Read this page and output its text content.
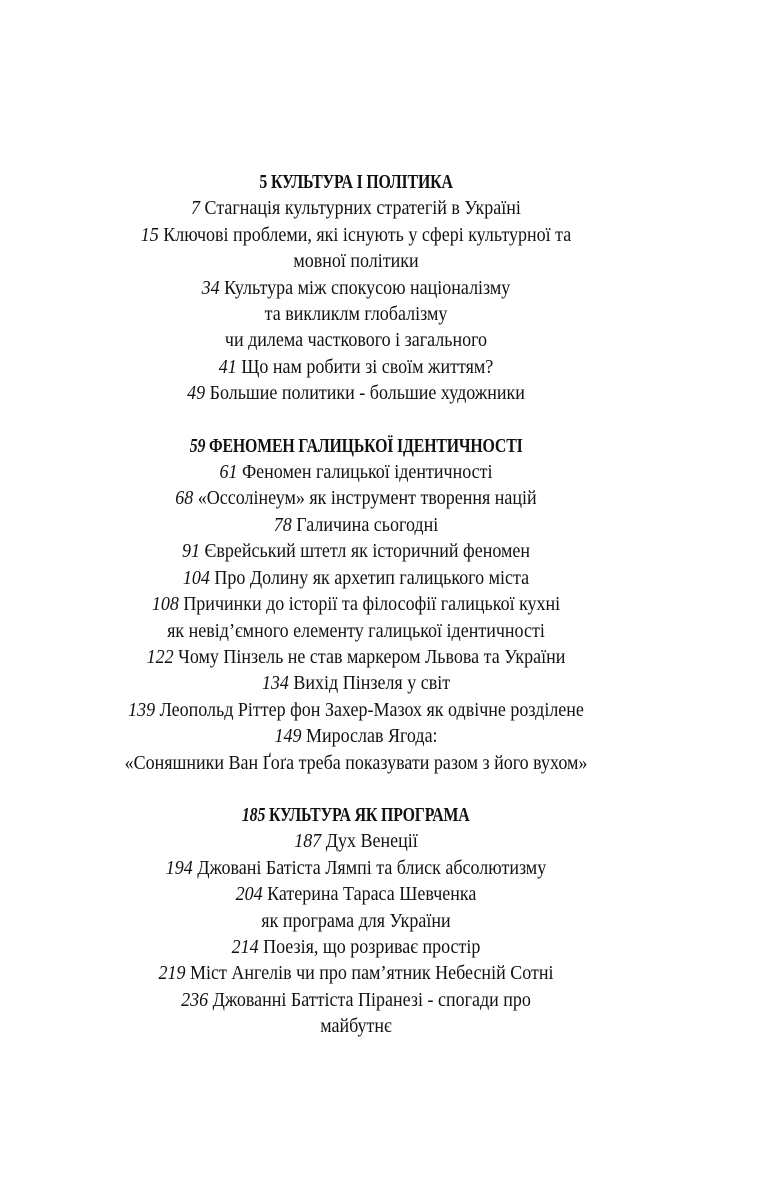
5 КУЛЬТУРА І ПОЛІТИКА
7 Стагнація культурних стратегій в Україні
15 Ключові проблеми, які існують у сфері культурної та
мовної політики
34 Культура між спокусою націоналізму
та викликлм глобалізму
чи дилема часткового і загального
41 Що нам робити зі своїм життям?
49 Большие политики - большие художники
59 ФЕНОМЕН ГАЛИЦЬКОЇ ІДЕНТИЧНОСТІ
61 Феномен галицької ідентичності
68 «Оссолінеум» як інструмент творення націй
78 Галичина сьогодні
91 Єврейський штетл як історичний феномен
104 Про Долину як архетип галицького міста
108 Причинки до історії та філософії галицької кухні
як невід’ємного елементу галицької ідентичності
122 Чому Пінзель не став маркером Львова та України
134 Вихід Пінзеля у світ
139 Леопольд Ріттер фон Захер-Мазох як одвічне розділене
149 Мирослав Ягода:
«Соняшники Ван Ґоґа треба показувати разом з його вухом»
185 КУЛЬТУРА ЯК ПРОГРАМА
187 Дух Венеції
194 Джовані Батіста Лямпі та блиск абсолютизму
204 Катерина Тараса Шевченка
як програма для України
214 Поезія, що розриває простір
219 Міст Ангелів чи про пам’ятник Небесній Сотні
236 Джованні Баттіста Піранезі - спогади про
майбутнє
